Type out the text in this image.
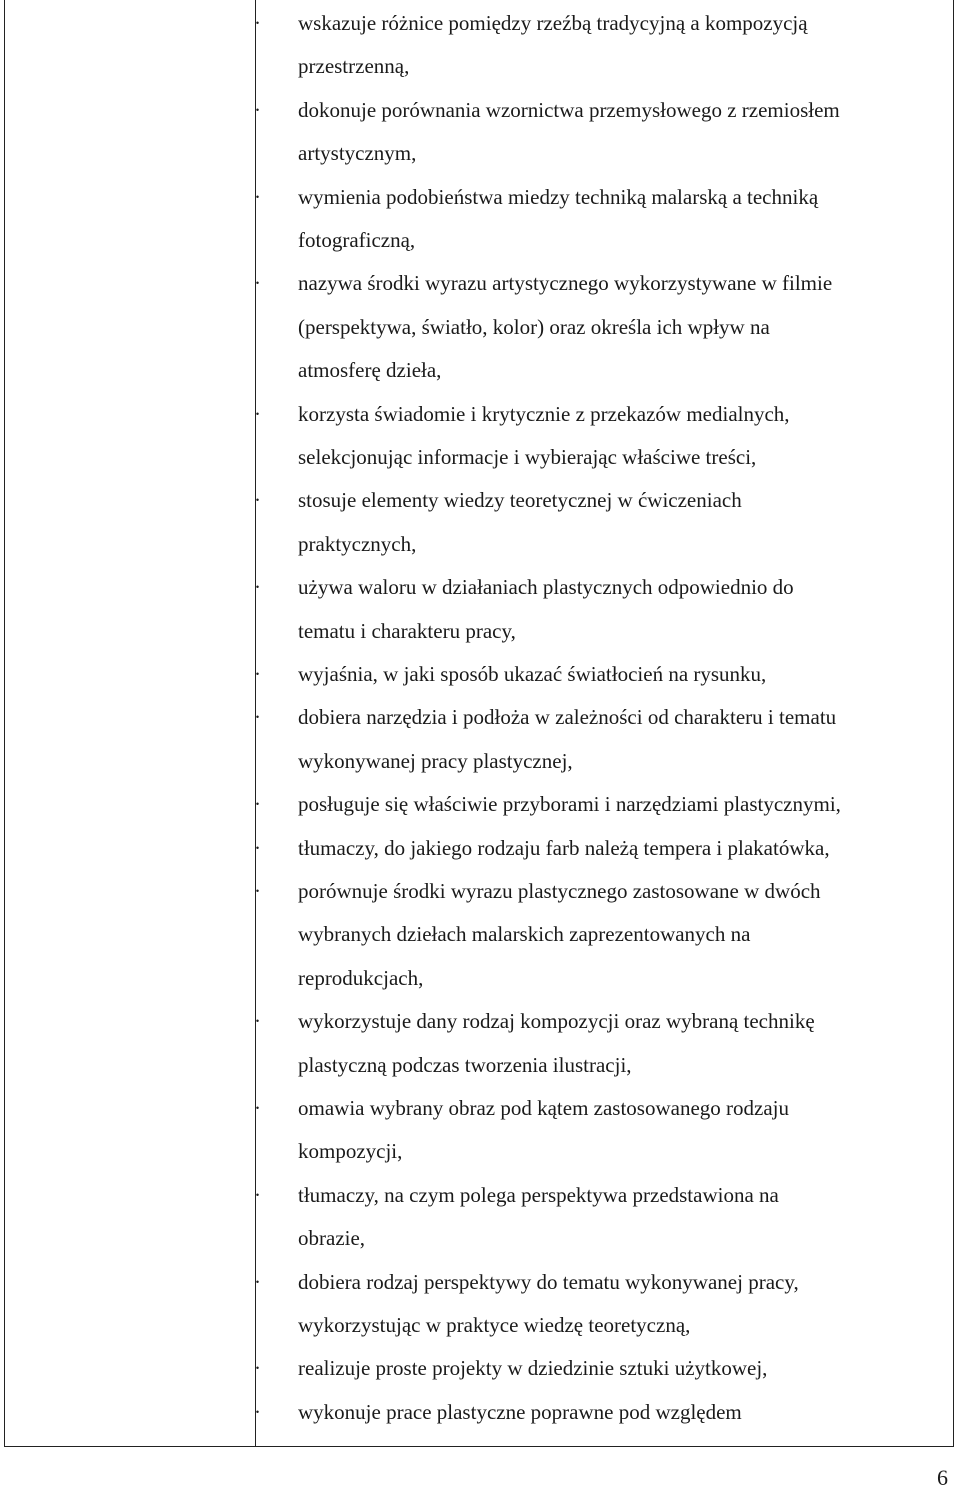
· wskazuje różnice pomiędzy rzeźbą tradycyjną a kompozycją
przestrzenną,
· dokonuje porównania wzornictwa przemysłowego z rzemiosłem
artystycznym,
· wymienia podobieństwa miedzy techniką malarską a techniką
fotograficzną,
· nazywa środki wyrazu artystycznego wykorzystywane w filmie
(perspektywa, światło, kolor) oraz określa ich wpływ na
atmosferę dzieła,
· korzysta świadomie i krytycznie z przekazów medialnych,
selekcjonując informacje i wybierając właściwe treści,
· stosuje elementy wiedzy teoretycznej w ćwiczeniach
praktycznych,
· używa waloru w działaniach plastycznych odpowiednio do
tematu i charakteru pracy,
· wyjaśnia, w jaki sposób ukazać światłocień na rysunku,
· dobiera narzędzia i podłoża w zależności od charakteru i tematu
wykonywanej pracy plastycznej,
· posługuje się właściwie przyborami i narzędziami plastycznymi,
· tłumaczy, do jakiego rodzaju farb należą tempera i plakatówka,
· porównuje środki wyrazu plastycznego zastosowane w dwóch
wybranych dziełach malarskich zaprezentowanych na
reprodukcjach,
· wykorzystuje dany rodzaj kompozycji oraz wybraną technikę
plastyczną podczas tworzenia ilustracji,
· omawia wybrany obraz pod kątem zastosowanego rodzaju
kompozycji,
· tłumaczy, na czym polega perspektywa przedstawiona na
obrazie,
· dobiera rodzaj perspektywy do tematu wykonywanej pracy,
wykorzystując w praktyce wiedzę teoretyczną,
· realizuje proste projekty w dziedzinie sztuki użytkowej,
· wykonuje prace plastyczne poprawne pod względem
6
